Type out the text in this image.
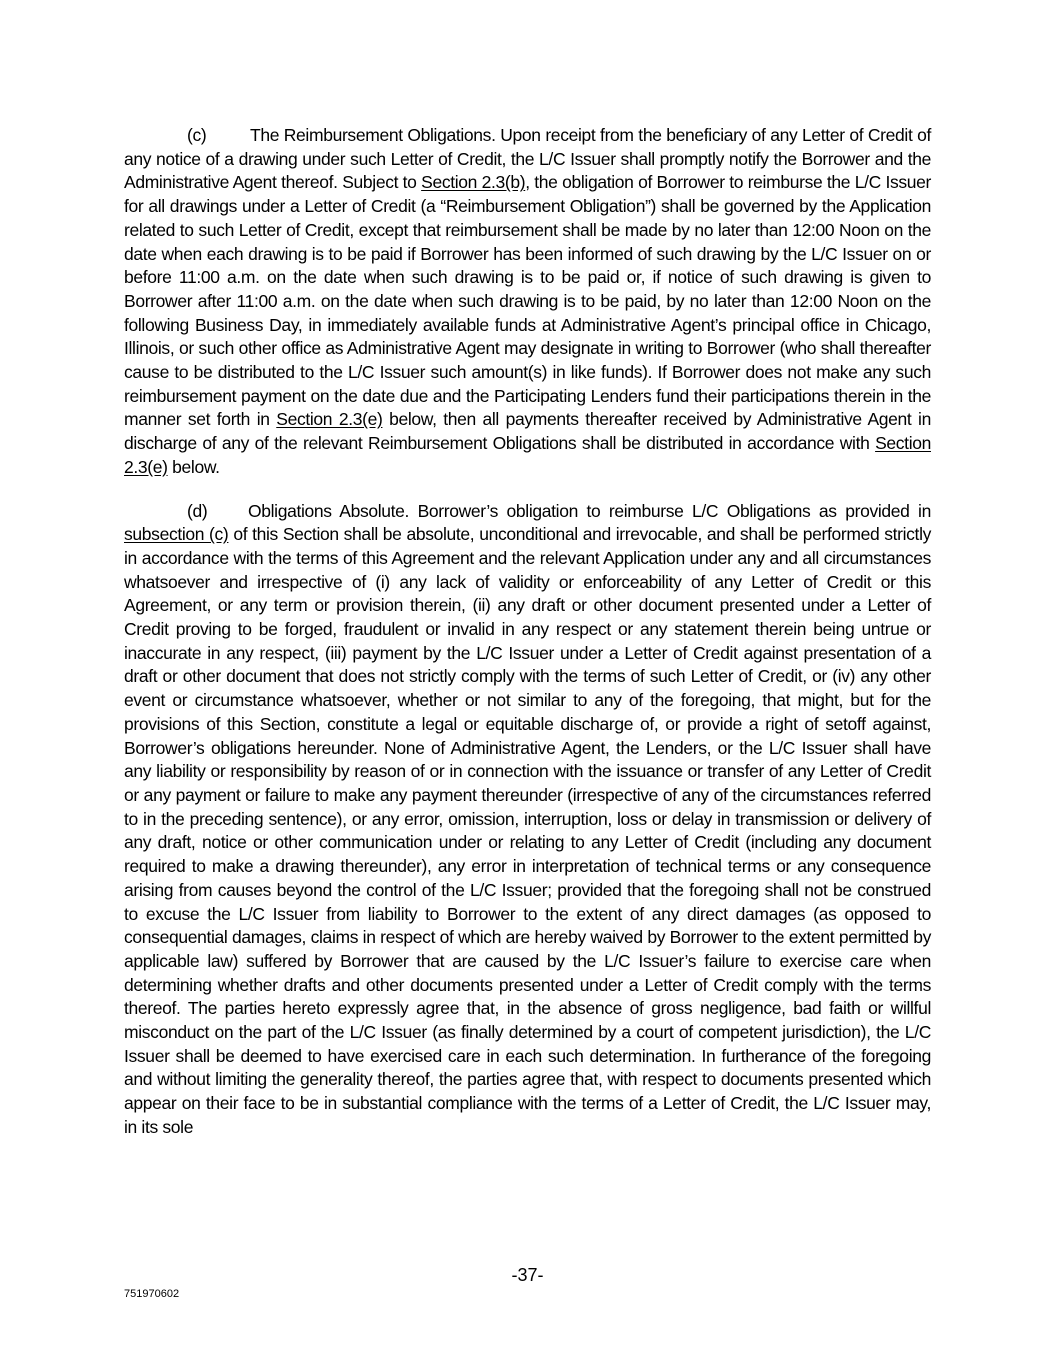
(c) The Reimbursement Obligations. Upon receipt from the beneficiary of any Letter of Credit of any notice of a drawing under such Letter of Credit, the L/C Issuer shall promptly notify the Borrower and the Administrative Agent thereof. Subject to Section 2.3(b), the obligation of Borrower to reimburse the L/C Issuer for all drawings under a Letter of Credit (a “Reimbursement Obligation”) shall be governed by the Application related to such Letter of Credit, except that reimbursement shall be made by no later than 12:00 Noon on the date when each drawing is to be paid if Borrower has been informed of such drawing by the L/C Issuer on or before 11:00 a.m. on the date when such drawing is to be paid or, if notice of such drawing is given to Borrower after 11:00 a.m. on the date when such drawing is to be paid, by no later than 12:00 Noon on the following Business Day, in immediately available funds at Administrative Agent’s principal office in Chicago, Illinois, or such other office as Administrative Agent may designate in writing to Borrower (who shall thereafter cause to be distributed to the L/C Issuer such amount(s) in like funds). If Borrower does not make any such reimbursement payment on the date due and the Participating Lenders fund their participations therein in the manner set forth in Section 2.3(e) below, then all payments thereafter received by Administrative Agent in discharge of any of the relevant Reimbursement Obligations shall be distributed in accordance with Section 2.3(e) below.

(d) Obligations Absolute. Borrower’s obligation to reimburse L/C Obligations as provided in subsection (c) of this Section shall be absolute, unconditional and irrevocable, and shall be performed strictly in accordance with the terms of this Agreement and the relevant Application under any and all circumstances whatsoever and irrespective of (i) any lack of validity or enforceability of any Letter of Credit or this Agreement, or any term or provision therein, (ii) any draft or other document presented under a Letter of Credit proving to be forged, fraudulent or invalid in any respect or any statement therein being untrue or inaccurate in any respect, (iii) payment by the L/C Issuer under a Letter of Credit against presentation of a draft or other document that does not strictly comply with the terms of such Letter of Credit, or (iv) any other event or circumstance whatsoever, whether or not similar to any of the foregoing, that might, but for the provisions of this Section, constitute a legal or equitable discharge of, or provide a right of setoff against, Borrower’s obligations hereunder. None of Administrative Agent, the Lenders, or the L/C Issuer shall have any liability or responsibility by reason of or in connection with the issuance or transfer of any Letter of Credit or any payment or failure to make any payment thereunder (irrespective of any of the circumstances referred to in the preceding sentence), or any error, omission, interruption, loss or delay in transmission or delivery of any draft, notice or other communication under or relating to any Letter of Credit (including any document required to make a drawing thereunder), any error in interpretation of technical terms or any consequence arising from causes beyond the control of the L/C Issuer; provided that the foregoing shall not be construed to excuse the L/C Issuer from liability to Borrower to the extent of any direct damages (as opposed to consequential damages, claims in respect of which are hereby waived by Borrower to the extent permitted by applicable law) suffered by Borrower that are caused by the L/C Issuer’s failure to exercise care when determining whether drafts and other documents presented under a Letter of Credit comply with the terms thereof. The parties hereto expressly agree that, in the absence of gross negligence, bad faith or willful misconduct on the part of the L/C Issuer (as finally determined by a court of competent jurisdiction), the L/C Issuer shall be deemed to have exercised care in each such determination. In furtherance of the foregoing and without limiting the generality thereof, the parties agree that, with respect to documents presented which appear on their face to be in substantial compliance with the terms of a Letter of Credit, the L/C Issuer may, in its sole

-37-
751970602
